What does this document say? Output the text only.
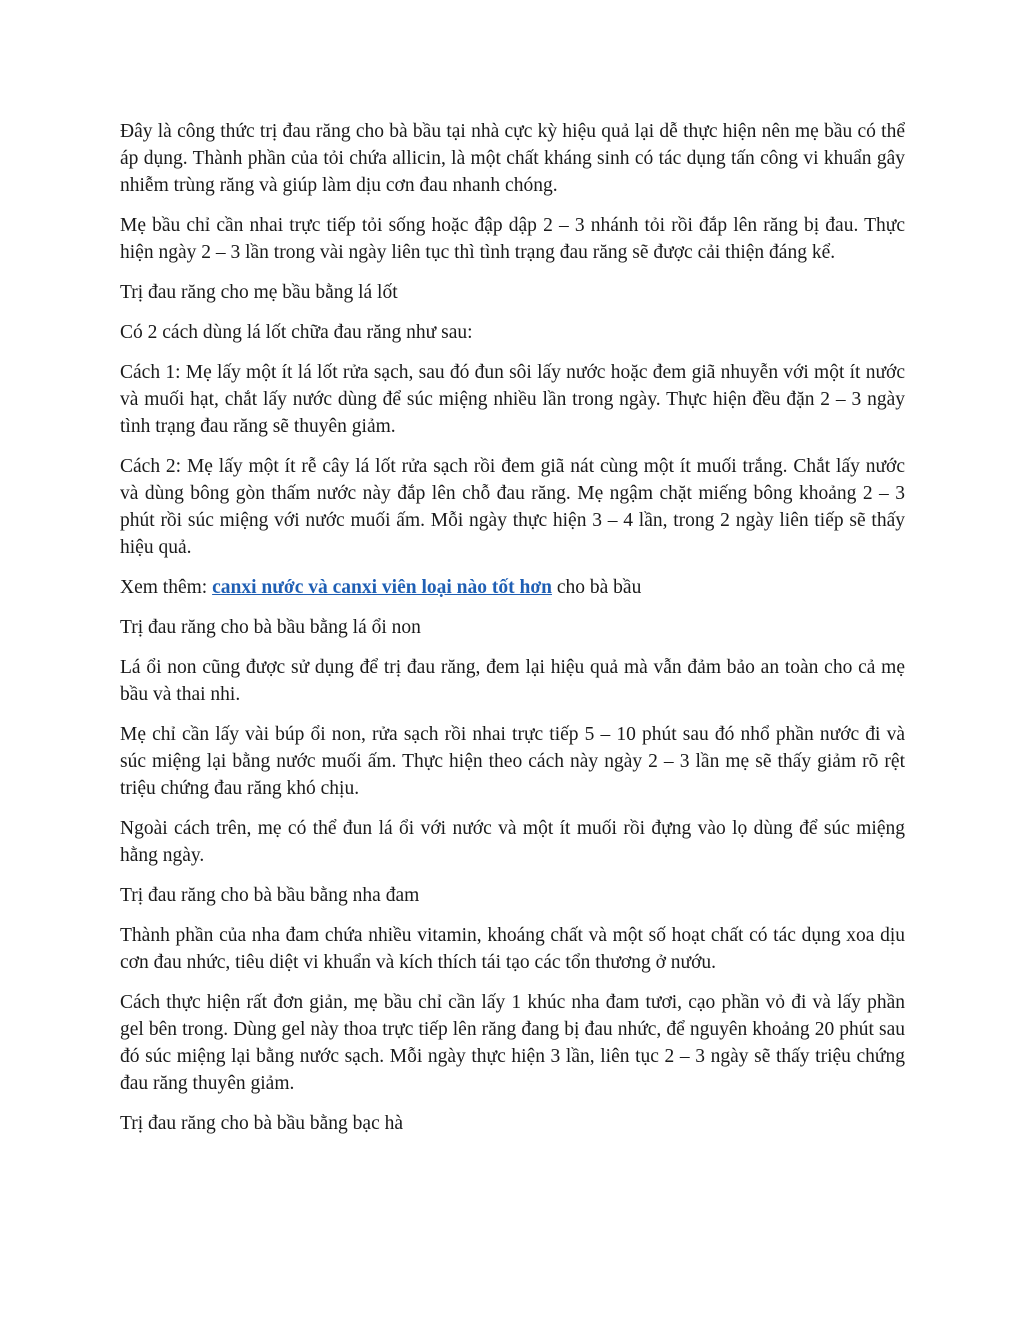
Đây là công thức trị đau răng cho bà bầu tại nhà cực kỳ hiệu quả lại dễ thực hiện nên mẹ bầu có thể áp dụng. Thành phần của tỏi chứa allicin, là một chất kháng sinh có tác dụng tấn công vi khuẩn gây nhiễm trùng răng và giúp làm dịu cơn đau nhanh chóng.

Mẹ bầu chỉ cần nhai trực tiếp tỏi sống hoặc đập dập 2 – 3 nhánh tỏi rồi đắp lên răng bị đau. Thực hiện ngày 2 – 3 lần trong vài ngày liên tục thì tình trạng đau răng sẽ được cải thiện đáng kể.

Trị đau răng cho mẹ bầu bằng lá lốt

Có 2 cách dùng lá lốt chữa đau răng như sau:

Cách 1: Mẹ lấy một ít lá lốt rửa sạch, sau đó đun sôi lấy nước hoặc đem giã nhuyễn với một ít nước và muối hạt, chắt lấy nước dùng để súc miệng nhiều lần trong ngày. Thực hiện đều đặn 2 – 3 ngày tình trạng đau răng sẽ thuyên giảm.

Cách 2: Mẹ lấy một ít rễ cây lá lốt rửa sạch rồi đem giã nát cùng một ít muối trắng. Chắt lấy nước và dùng bông gòn thấm nước này đắp lên chỗ đau răng. Mẹ ngậm chặt miếng bông khoảng 2 – 3 phút rồi súc miệng với nước muối ấm. Mỗi ngày thực hiện 3 – 4 lần, trong 2 ngày liên tiếp sẽ thấy hiệu quả.

Xem thêm: canxi nước và canxi viên loại nào tốt hơn cho bà bầu

Trị đau răng cho bà bầu bằng lá ổi non

Lá ổi non cũng được sử dụng để trị đau răng, đem lại hiệu quả mà vẫn đảm bảo an toàn cho cả mẹ bầu và thai nhi.

Mẹ chỉ cần lấy vài búp ổi non, rửa sạch rồi nhai trực tiếp 5 – 10 phút sau đó nhổ phần nước đi và súc miệng lại bằng nước muối ấm. Thực hiện theo cách này ngày 2 – 3 lần mẹ sẽ thấy giảm rõ rệt triệu chứng đau răng khó chịu.

Ngoài cách trên, mẹ có thể đun lá ổi với nước và một ít muối rồi đựng vào lọ dùng để súc miệng hằng ngày.

Trị đau răng cho bà bầu bằng nha đam

Thành phần của nha đam chứa nhiều vitamin, khoáng chất và một số hoạt chất có tác dụng xoa dịu cơn đau nhức, tiêu diệt vi khuẩn và kích thích tái tạo các tổn thương ở nướu.

Cách thực hiện rất đơn giản, mẹ bầu chỉ cần lấy 1 khúc nha đam tươi, cạo phần vỏ đi và lấy phần gel bên trong. Dùng gel này thoa trực tiếp lên răng đang bị đau nhức, để nguyên khoảng 20 phút sau đó súc miệng lại bằng nước sạch. Mỗi ngày thực hiện 3 lần, liên tục 2 – 3 ngày sẽ thấy triệu chứng đau răng thuyên giảm.

Trị đau răng cho bà bầu bằng bạc hà
